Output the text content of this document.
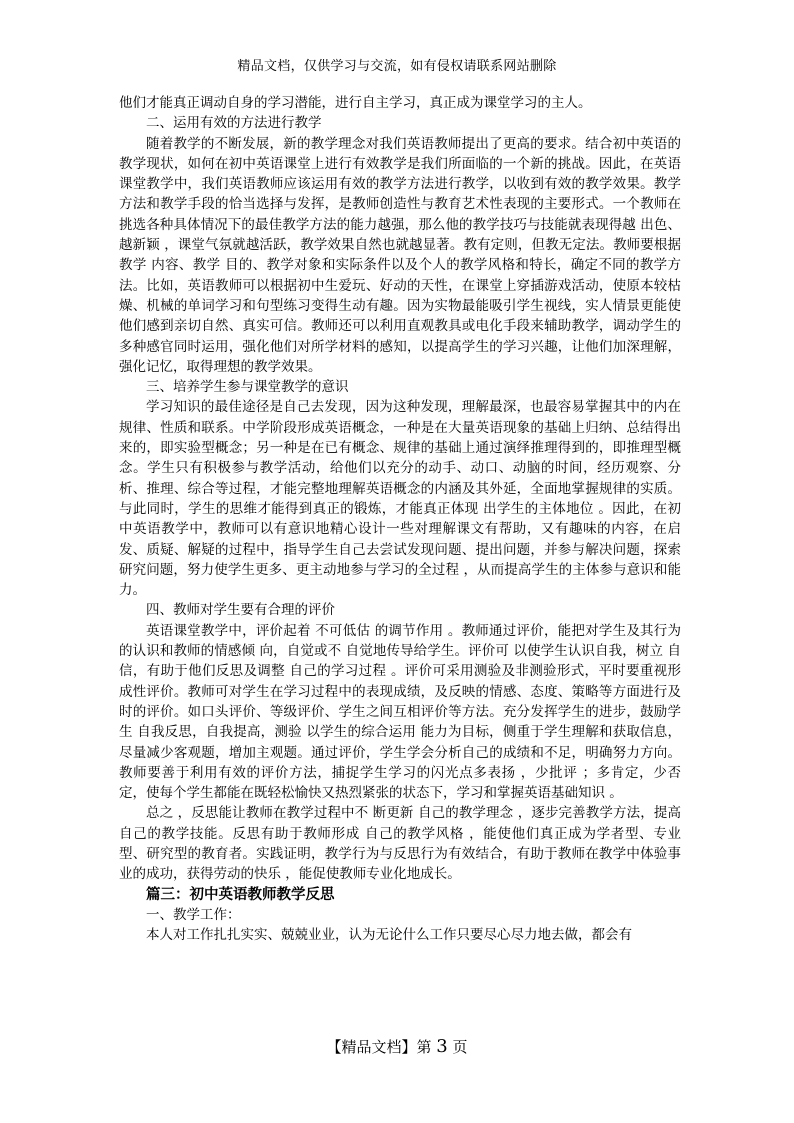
精品文档，仅供学习与交流，如有侵权请联系网站删除

他们才能真正调动自身的学习潜能，进行自主学习，真正成为课堂学习的主人。

二、运用有效的方法进行教学

随着教学的不断发展，新的教学理念对我们英语教师提出了更高的要求。结合初中英语的教学现状，如何在初中英语课堂上进行有效教学是我们所面临的一个新的挑战。因此，在英语课堂教学中，我们英语教师应该运用有效的教学方法进行教学，以收到有效的教学效果。教学方法和教学手段的恰当选择与发挥，是教师创造性与教育艺术性表现的主要形式。一个教师在挑选各种具体情况下的最佳教学方法的能力越强，那么他的教学技巧与技能就表现得越 出色、越新颖 ，课堂气氛就越活跃，教学效果自然也就越显著。教有定则，但教无定法。教师要根据教学 内容、教学 目的、教学对象和实际条件以及个人的教学风格和特长，确定不同的教学方法。比如，英语教师可以根据初中生爱玩、好动的天性，在课堂上穿插游戏活动，使原本较枯燥、机械的单词学习和句型练习变得生动有趣。因为实物最能吸引学生视线，实人情景更能使他们感到亲切自然、真实可信。教师还可以利用直观教具或电化手段来辅助教学，调动学生的多种感官同时运用，强化他们对所学材料的感知，以提高学生的学习兴趣，让他们加深理解，强化记忆，取得理想的教学效果。

三、培养学生参与课堂教学的意识

学习知识的最佳途径是自己去发现，因为这种发现，理解最深，也最容易掌握其中的内在规律、性质和联系。中学阶段形成英语概念，一种是在大量英语现象的基础上归纳、总结得出来的，即实验型概念；另一种是在已有概念、规律的基础上通过演绎推理得到的，即推理型概念。学生只有积极参与教学活动，给他们以充分的动手、动口、动脑的时间，经历观察、分析、推理、综合等过程，才能完整地理解英语概念的内涵及其外延，全面地掌握规律的实质。与此同时，学生的思维才能得到真正的锻炼，才能真正体现 出学生的主体地位 。因此，在初中英语教学中，教师可以有意识地精心设计一些对理解课文有帮助，又有趣味的内容，在启发、质疑、解疑的过程中，指导学生自己去尝试发现问题、提出问题，并参与解决问题，探索研究问题，努力使学生更多、更主动地参与学习的全过程 ，从而提高学生的主体参与意识和能力。

四、教师对学生要有合理的评价

英语课堂教学中，评价起着 不可低估 的调节作用 。教师通过评价，能把对学生及其行为的认识和教师的情感倾 向，自觉或不 自觉地传导给学生。评价可 以使学生认识自我，树立 自信，有助于他们反思及调整 自己的学习过程 。评价可采用测验及非测验形式，平时要重视形成性评价。教师可对学生在学习过程中的表现成绩，及反映的情感、态度、策略等方面进行及时的评价。如口头评价、等级评价、学生之间互相评价等方法。充分发挥学生的进步，鼓励学生 自我反思，自我提高，测验 以学生的综合运用 能力为目标，侧重于学生理解和获取信息，尽量减少客观题，增加主观题。通过评价，学生学会分析自己的成绩和不足，明确努力方向。教师要善于利用有效的评价方法，捕捉学生学习的闪光点多表扬 ，少批评 ；多肯定，少否定，使每个学生都能在既轻松愉快又热烈紧张的状态下，学习和掌握英语基础知识 。

总之 ，反思能让教师在教学过程中不 断更新 自己的教学理念 ，逐步完善教学方法，提高自己的教学技能。反思有助于教师形成 自己的教学风格 ，能使他们真正成为学者型、专业型、研究型的教育者。实践证明，教学行为与反思行为有效结合，有助于教师在教学中体验事业的成功，获得劳动的快乐 ，能促使教师专业化地成长。

篇三：初中英语教师教学反思

一、教学工作：

本人对工作扎扎实实、兢兢业业，认为无论什么工作只要尽心尽力地去做，都会有

【精品文档】第 3 页
